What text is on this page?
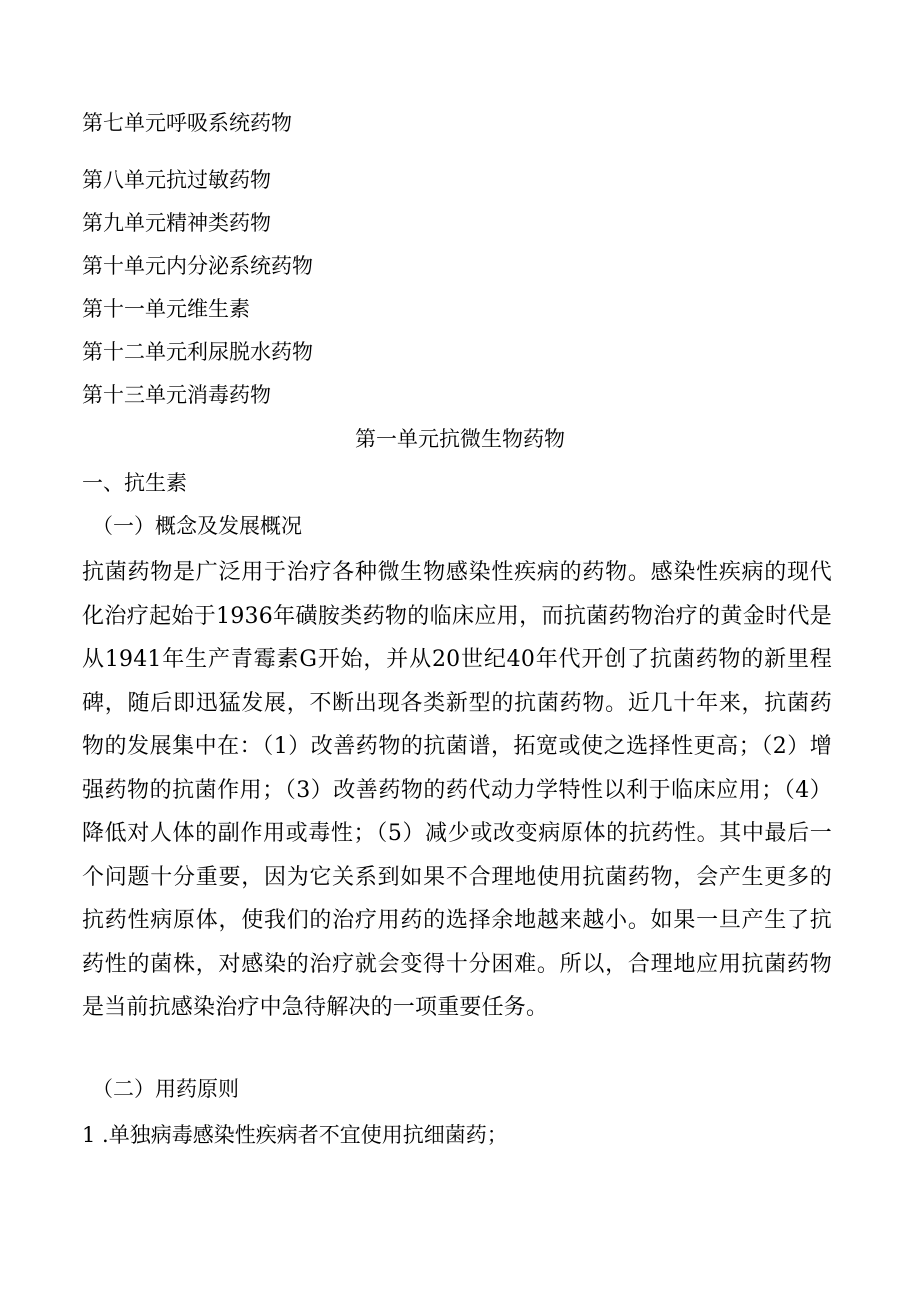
第七单元呼吸系统药物
第八单元抗过敏药物
第九单元精神类药物
第十单元内分泌系统药物
第十一单元维生素
第十二单元利尿脱水药物
第十三单元消毒药物
第一单元抗微生物药物
一、抗生素
（一）概念及发展概况
抗菌药物是广泛用于治疗各种微生物感染性疾病的药物。感染性疾病的现代化治疗起始于1936年磺胺类药物的临床应用，而抗菌药物治疗的黄金时代是从1941年生产青霉素G开始，并从20世纪40年代开创了抗菌药物的新里程碑，随后即迅猛发展，不断出现各类新型的抗菌药物。近几十年来，抗菌药物的发展集中在：（1）改善药物的抗菌谱，拓宽或使之选择性更高；（2）增强药物的抗菌作用；（3）改善药物的药代动力学特性以利于临床应用；（4）降低对人体的副作用或毒性；（5）减少或改变病原体的抗药性。其中最后一个问题十分重要，因为它关系到如果不合理地使用抗菌药物，会产生更多的抗药性病原体，使我们的治疗用药的选择余地越来越小。如果一旦产生了抗药性的菌株，对感染的治疗就会变得十分困难。所以，合理地应用抗菌药物是当前抗感染治疗中急待解决的一项重要任务。
（二）用药原则
1 .单独病毒感染性疾病者不宜使用抗细菌药；
